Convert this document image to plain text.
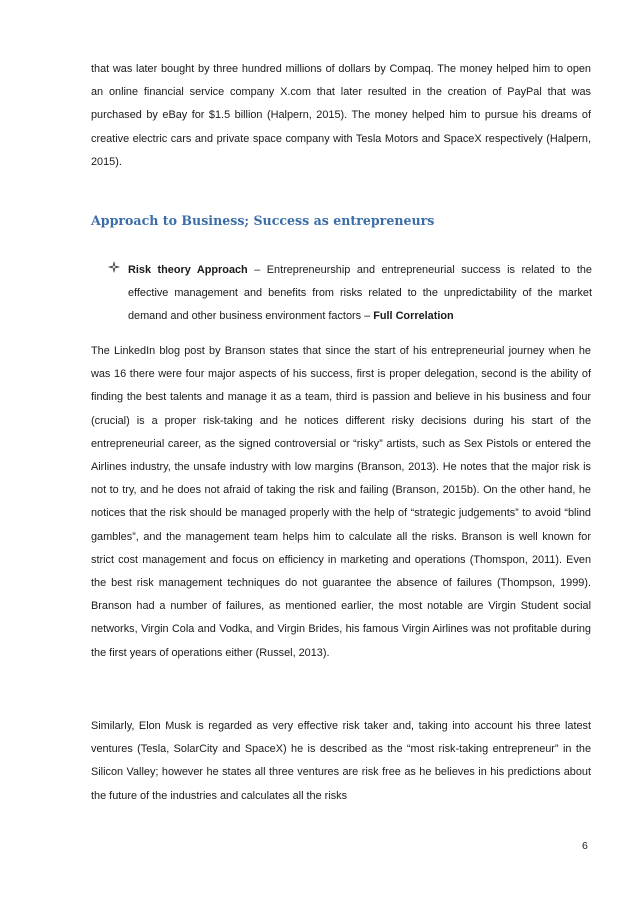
that was later bought by three hundred millions of dollars by Compaq. The money helped him to open an online financial service company X.com that later resulted in the creation of PayPal that was purchased by eBay for $1.5 billion (Halpern, 2015). The money helped him to pursue his dreams of creative electric cars and private space company with Tesla Motors and SpaceX respectively (Halpern, 2015).

Approach to Business; Success as entrepreneurs

Risk theory Approach – Entrepreneurship and entrepreneurial success is related to the effective management and benefits from risks related to the unpredictability of the market demand and other business environment factors – Full Correlation

The LinkedIn blog post by Branson states that since the start of his entrepreneurial journey when he was 16 there were four major aspects of his success, first is proper delegation, second is the ability of finding the best talents and manage it as a team, third is passion and believe in his business and four (crucial) is a proper risk-taking and he notices different risky decisions during his start of the entrepreneurial career, as the signed controversial or “risky” artists, such as Sex Pistols or entered the Airlines industry, the unsafe industry with low margins (Branson, 2013). He notes that the major risk is not to try, and he does not afraid of taking the risk and failing (Branson, 2015b). On the other hand, he notices that the risk should be managed properly with the help of “strategic judgements” to avoid “blind gambles”, and the management team helps him to calculate all the risks. Branson is well known for strict cost management and focus on efficiency in marketing and operations (Thomspon, 2011). Even the best risk management techniques do not guarantee the absence of failures (Thompson, 1999). Branson had a number of failures, as mentioned earlier, the most notable are Virgin Student social networks, Virgin Cola and Vodka, and Virgin Brides, his famous Virgin Airlines was not profitable during the first years of operations either (Russel, 2013).

Similarly, Elon Musk is regarded as very effective risk taker and, taking into account his three latest ventures (Tesla, SolarCity and SpaceX) he is described as the “most risk-taking entrepreneur” in the Silicon Valley; however he states all three ventures are risk free as he believes in his predictions about the future of the industries and calculates all the risks

6
